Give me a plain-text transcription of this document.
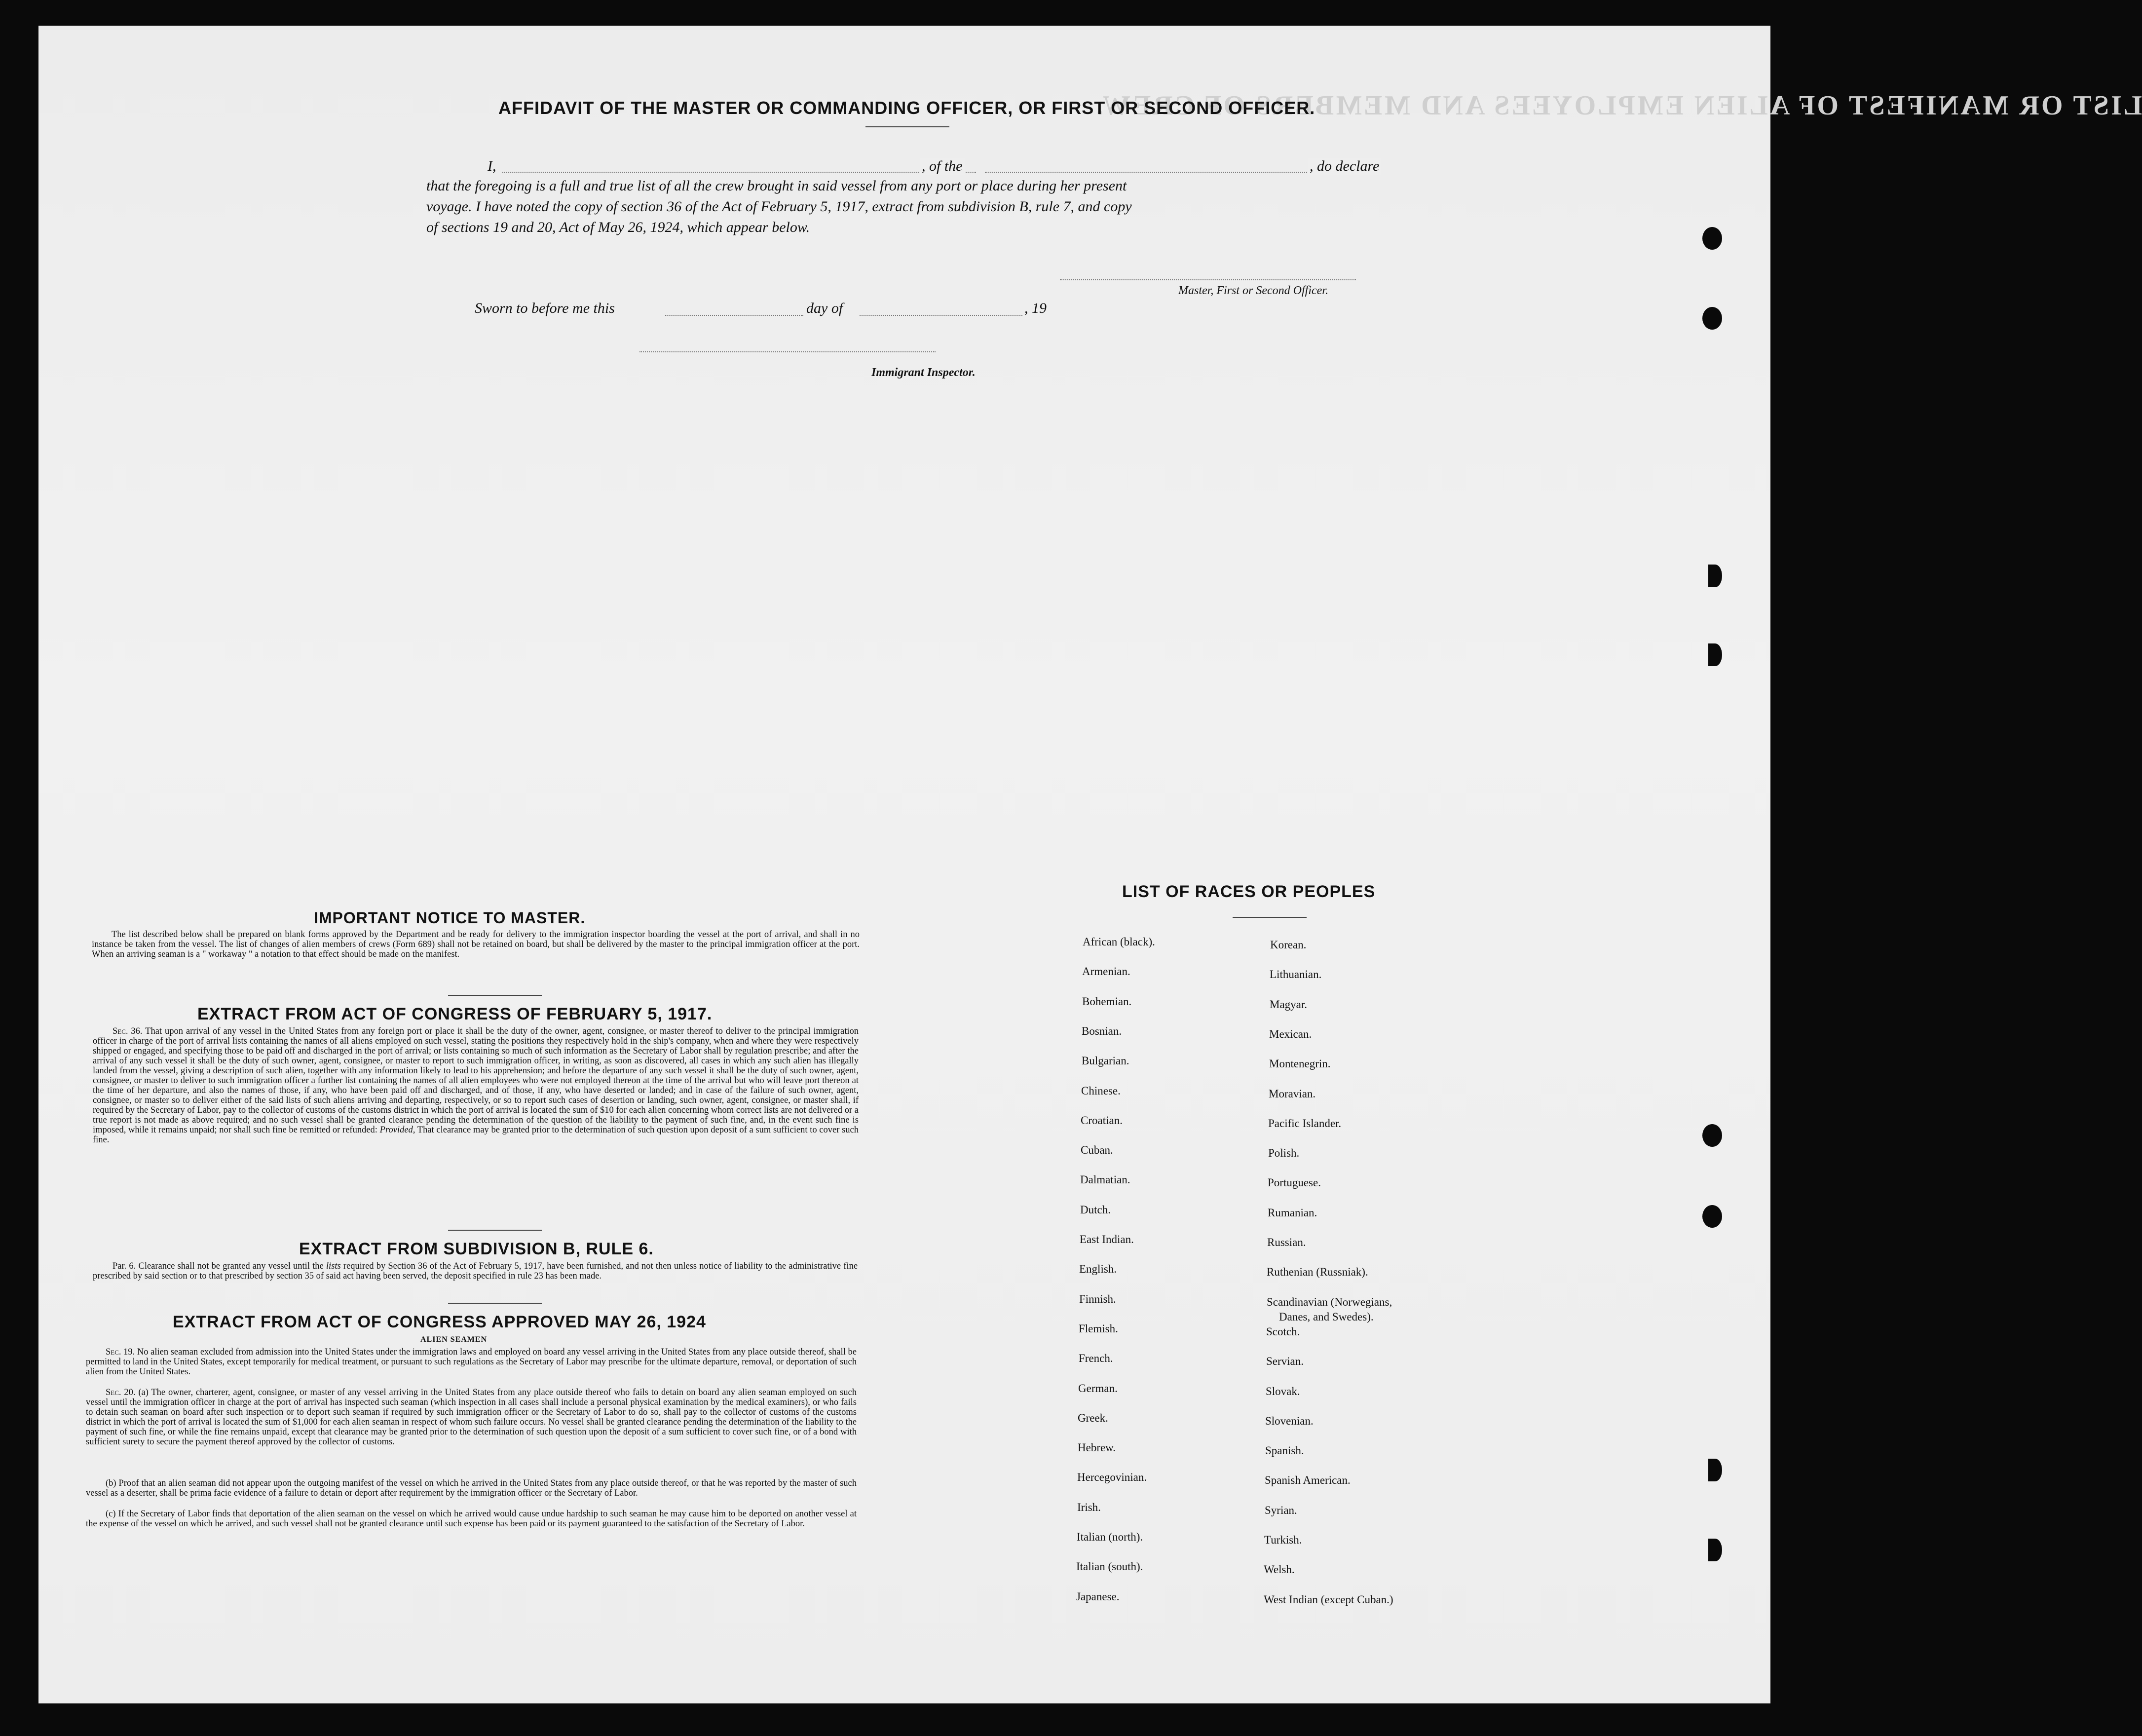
LIST OR MANIFEST OF ALIEN EMPLOYEES AND MEMBERS OF CREW.
AFFIDAVIT OF THE MASTER OR COMMANDING OFFICER, OR FIRST OR SECOND OFFICER.
I,	, of the	, do declare
that the foregoing is a full and true list of all the crew brought in said vessel from any port or place during her present
voyage. I have noted the copy of section 36 of the Act of February 5, 1917, extract from subdivision B, rule 7, and copy
of sections 19 and 20, Act of May 26, 1924, which appear below.
Master, First or Second Officer.
Sworn to before me this	day of	, 19
Immigrant Inspector.
IMPORTANT NOTICE TO MASTER.
The list described below shall be prepared on blank forms approved by the Department and be ready for delivery to the immigration inspector boarding the vessel at the port of arrival, and shall in no instance be taken from the vessel. The list of changes of alien members of crews (Form 689) shall not be retained on board, but shall be delivered by the master to the principal immigration officer at the port. When an arriving seaman is a " workaway " a notation to that effect should be made on the manifest.
EXTRACT FROM ACT OF CONGRESS OF FEBRUARY 5, 1917.
Sec. 36. That upon arrival of any vessel in the United States from any foreign port or place it shall be the duty of the owner, agent, consignee, or master thereof to deliver to the principal immigration officer in charge of the port of arrival lists containing the names of all aliens employed on such vessel, stating the positions they respectively hold in the ship's company, when and where they were respectively shipped or engaged, and specifying those to be paid off and discharged in the port of arrival; or lists containing so much of such information as the Secretary of Labor shall by regulation prescribe; and after the arrival of any such vessel it shall be the duty of such owner, agent, consignee, or master to report to such immigration officer, in writing, as soon as discovered, all cases in which any such alien has illegally landed from the vessel, giving a description of such alien, together with any information likely to lead to his apprehension; and before the departure of any such vessel it shall be the duty of such owner, agent, consignee, or master to deliver to such immigration officer a further list containing the names of all alien employees who were not employed thereon at the time of the arrival but who will leave port thereon at the time of her departure, and also the names of those, if any, who have been paid off and discharged, and of those, if any, who have deserted or landed; and in case of the failure of such owner, agent, consignee, or master so to deliver either of the said lists of such aliens arriving and departing, respectively, or so to report such cases of desertion or landing, such owner, agent, consignee, or master shall, if required by the Secretary of Labor, pay to the collector of customs of the customs district in which the port of arrival is located the sum of $10 for each alien concerning whom correct lists are not delivered or a true report is not made as above required; and no such vessel shall be granted clearance pending the determination of the question of the liability to the payment of such fine, and, in the event such fine is imposed, while it remains unpaid; nor shall such fine be remitted or refunded: Provided, That clearance may be granted prior to the determination of such question upon deposit of a sum sufficient to cover such fine.
EXTRACT FROM SUBDIVISION B, RULE 6.
Par. 6. Clearance shall not be granted any vessel until the lists required by Section 36 of the Act of February 5, 1917, have been furnished, and not then unless notice of liability to the administrative fine prescribed by said section or to that prescribed by section 35 of said act having been served, the deposit specified in rule 23 has been made.
EXTRACT FROM ACT OF CONGRESS APPROVED MAY 26, 1924
ALIEN SEAMEN
Sec. 19. No alien seaman excluded from admission into the United States under the immigration laws and employed on board any vessel arriving in the United States from any place outside thereof, shall be permitted to land in the United States, except temporarily for medical treatment, or pursuant to such regulations as the Secretary of Labor may prescribe for the ultimate departure, removal, or deportation of such alien from the United States.
Sec. 20. (a) The owner, charterer, agent, consignee, or master of any vessel arriving in the United States from any place outside thereof who fails to detain on board any alien seaman employed on such vessel until the immigration officer in charge at the port of arrival has inspected such seaman (which inspection in all cases shall include a personal physical examination by the medical examiners), or who fails to detain such seaman on board after such inspection or to deport such seaman if required by such immigration officer or the Secretary of Labor to do so, shall pay to the collector of customs of the customs district in which the port of arrival is located the sum of $1,000 for each alien seaman in respect of whom such failure occurs. No vessel shall be granted clearance pending the determination of the liability to the payment of such fine, or while the fine remains unpaid, except that clearance may be granted prior to the determination of such question upon the deposit of a sum sufficient to cover such fine, or of a bond with sufficient surety to secure the payment thereof approved by the collector of customs.
(b) Proof that an alien seaman did not appear upon the outgoing manifest of the vessel on which he arrived in the United States from any place outside thereof, or that he was reported by the master of such vessel as a deserter, shall be prima facie evidence of a failure to detain or deport after requirement by the immigration officer or the Secretary of Labor.
(c) If the Secretary of Labor finds that deportation of the alien seaman on the vessel on which he arrived would cause undue hardship to such seaman he may cause him to be deported on another vessel at the expense of the vessel on which he arrived, and such vessel shall not be granted clearance until such expense has been paid or its payment guaranteed to the satisfaction of the Secretary of Labor.
LIST OF RACES OR PEOPLES
Danes, and Swedes).
African (black).
Armenian.
Bohemian.
Bosnian.
Bulgarian.
Chinese.
Croatian.
Cuban.
Dalmatian.
Dutch.
East Indian.
English.
Finnish.
Flemish.
French.
German.
Greek.
Hebrew.
Hercegovinian.
Irish.
Italian (north).
Italian (south).
Japanese.
Korean.
Lithuanian.
Magyar.
Mexican.
Montenegrin.
Moravian.
Pacific Islander.
Polish.
Portuguese.
Rumanian.
Russian.
Ruthenian (Russniak).
Scandinavian (Norwegians,
Scotch.
Servian.
Slovak.
Slovenian.
Spanish.
Spanish American.
Syrian.
Turkish.
Welsh.
West Indian (except Cuban.)
